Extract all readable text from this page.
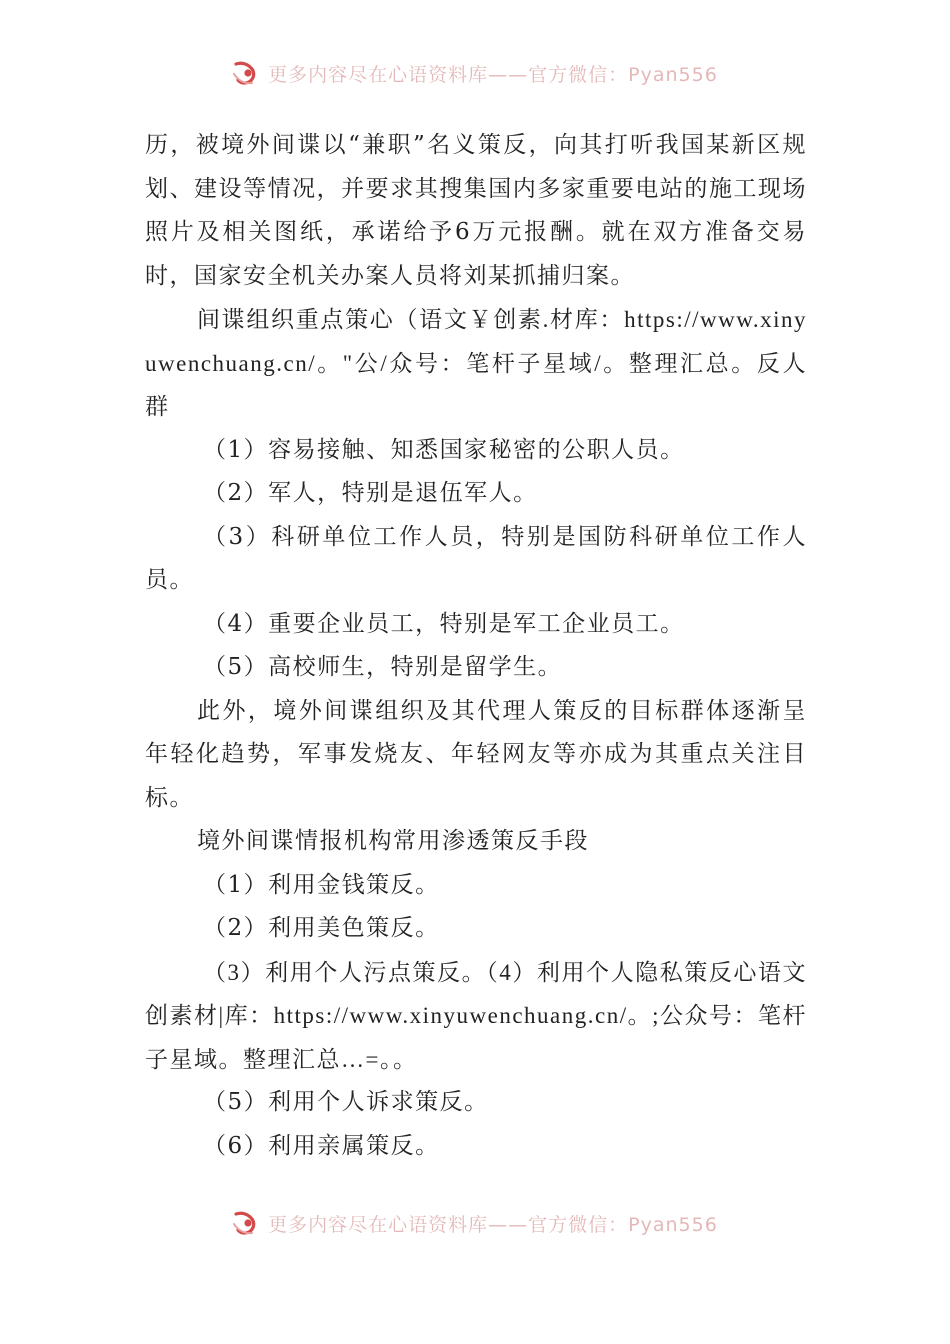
更多内容尽在心语资料库——官方微信：Pyan556

历，被境外间谍以“兼职”名义策反，向其打听我国某新区规划、建设等情况，并要求其搜集国内多家重要电站的施工现场照片及相关图纸，承诺给予6万元报酬。就在双方准备交易时，国家安全机关办案人员将刘某抓捕归案。

间谍组织重点策心（语文￥创素.材库：https://www.xinyuwenchuang.cn/。"公/众号：笔杆子星域/。整理汇总。反人群

（1）容易接触、知悉国家秘密的公职人员。

（2）军人，特别是退伍军人。

（3）科研单位工作人员，特别是国防科研单位工作人员。

（4）重要企业员工，特别是军工企业员工。

（5）高校师生，特别是留学生。

此外，境外间谍组织及其代理人策反的目标群体逐渐呈年轻化趋势，军事发烧友、年轻网友等亦成为其重点关注目标。

境外间谍情报机构常用渗透策反手段

（1）利用金钱策反。

（2）利用美色策反。

（3）利用个人污点策反。（4）利用个人隐私策反心语文创素材|库：https://www.xinyuwenchuang.cn/。;公众号：笔杆子星域。整理汇总…=。。

（5）利用个人诉求策反。

（6）利用亲属策反。

更多内容尽在心语资料库——官方微信：Pyan556
